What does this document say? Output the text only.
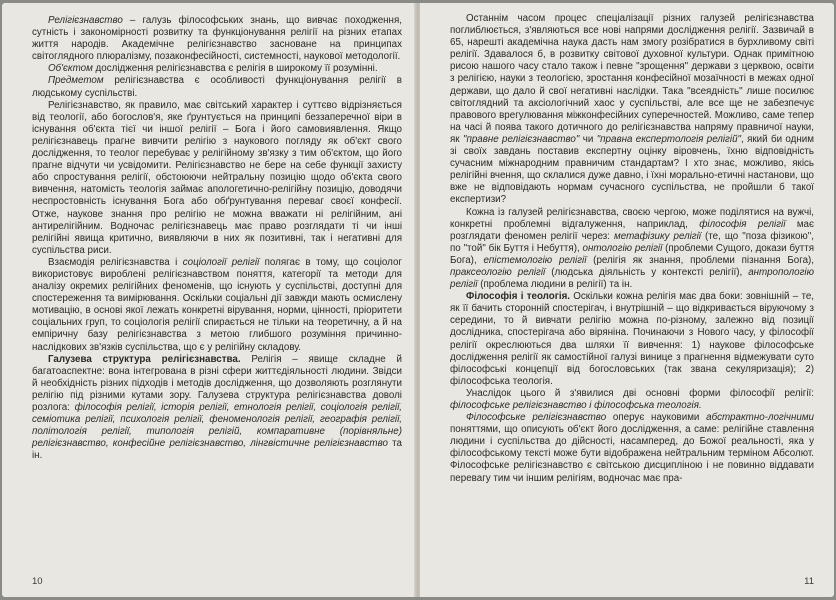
Релігієзнавство – галузь філософських знань, що вивчає походження, сутність і закономірності розвитку та функціонування релігії на різних етапах життя народів. Академічне релігієзнавство засноване на принципах світоглядного плюралізму, позаконфесійності, системності, наукової методології.

Об'єктом дослідження релігієзнавства є релігія в широкому її розумінні.

Предметом релігієзнавства є особливості функціонування релігії в людському суспільстві.

Релігієзнавство, як правило, має світський характер і суттєво відрізняється від теології, або богослов'я, яке ґрунтується на принципі беззаперечної віри в існування об'єкта тієї чи іншої релігії – Бога і його самовиявлення. Якщо релігієзнавець прагне вивчити релігію з наукового погляду як об'єкт свого дослідження, то теолог перебуває у релігійному зв'язку з тим об'єктом, що його прагне відчути чи усвідомити. Релігієзнавство не бере на себе функції захисту або спростування релігії, обстоюючи нейтральну позицію щодо об'єкта свого вивчення, натомість теологія займає апологетично-релігійну позицію, доводячи неспростовність існування Бога або обґрунтування переваг своєї конфесії. Отже, наукове знання про релігію не можна вважати ні релігійним, ані антирелігійним. Водночас релігієзнавець має право розглядати ті чи інші релігійні явища критично, виявляючи в них як позитивні, так і негативні для суспільства риси.

Взаємодія релігієзнавства і соціології релігії полягає в тому, що соціолог використовує вироблені релігієзнавством поняття, категорії та методи для аналізу окремих релігійних феноменів, що існують у суспільстві, доступні для спостереження та вимірювання. Оскільки соціальні дії завжди мають осмислену мотивацію, в основі якої лежать конкретні вірування, норми, цінності, пріоритети соціальних груп, то соціологія релігії спирається не тільки на теоретичну, а й на емпіричну базу релігієзнавства з метою глибшого розуміння причинно-наслідкових зв'язків суспільства, що є у релігійну складову.

Галузева структура релігієзнавства. Релігія – явище складне й багатоаспектне: вона інтегрована в різні сфери життєдіяльності людини. Звідси й необхідність різних підходів і методів дослідження, що дозволяють розглянути релігію під різними кутами зору. Галузева структура релігієзнавства доволі розлога: філософія релігії, історія релігії, етнологія релігії, соціологія релігії, семіотика релігії, психологія релігії, феноменологія релігії, географія релігії, політологія релігії, типологія релігій, компаративне (порівняльне) релігієзнавство, конфесійне релігієзнавство, лінгвістичне релігієзнавство та ін.

10

Останнім часом процес спеціалізації різних галузей релігієзнавства поглиблюється, з'являються все нові напрями дослідження релігії. Зазвичай в 65, нарешті академічна наука дасть нам змогу розібратися в бурхливому світі релігії. Здавалося б, в розвитку світової духовної культури. Однак примітною рисою нашого часу стало також і певне "зрощення" держави з церквою, освіти з релігією, науки з теологією, зростання конфесійної мозаїчності в межах одної держави, що дало й свої негативні наслідки. Така "всеядність" лише посилює світоглядний та аксіологічний хаос у суспільстві, але все ще не забезпечує правового врегулювання міжконфесійних суперечностей. Можливо, саме тепер на часі й поява такого дотичного до релігієзнавства напряму правничої науки, як "правне релігієзнавство" чи "правна експертологія релігій", який би одним зі своїх завдань поставив експертну оцінку віровчень, їхню відповідність сучасним міжнародним правничим стандартам? І хто знає, можливо, якісь релігійні вчення, що склалися дуже давно, і їхні морально-етичні настанови, що вже не відповідають нормам сучасного суспільства, не пройшли б такої експертизи?

Кожна із галузей релігієзнавства, своєю чергою, може поділятися на вужчі, конкретні проблемні відгалуження, наприклад, філософія релігії має розглядати феномен релігії через: метафізику релігії (те, що "поза фізикою", по "той" бік Буття і Небуття), онтологію релігії (проблеми Сущого, докази буття Бога), епістемологію релігії (релігія як знання, проблеми пізнання Бога), праксеологію релігії (людська діяльність у контексті релігії), антропологію релігії (проблема людини в релігії) та ін.

Філософія і теологія. Оскільки кожна релігія має два боки: зовнішній – те, як її бачить сторонній спостерігач, і внутрішній – що відкривається віруючому з середини, то й вивчати релігію можна по-різному, залежно від позиції дослідника, спостерігача або віряніна. Починаючи з Нового часу, у філософії релігії окреслюються два шляхи її вивчення: 1) наукове філософське дослідження релігії як самостійної галузі винице з прагнення відмежувати суто філософські концепції від богословських (так звана секуляризація); 2) філософська теологія.

Унаслідок цього й з'явилися дві основні форми філософії релігії: філософське релігієзнавство і філософська теологія.

Філософське релігієзнавство оперує науковими абстрактно-логічними поняттями, що описують об'єкт його дослідження, а саме: релігійне ставлення людини і суспільства до дійсності, насамперед, до Божої реальності, яка у філософському тексті може бути відображена нейтральним терміном Абсолют. Філософське релігієзнавство є світською дисципліною і не повинно віддавати перевагу тим чи іншим релігіям, водночас має пра-

11
